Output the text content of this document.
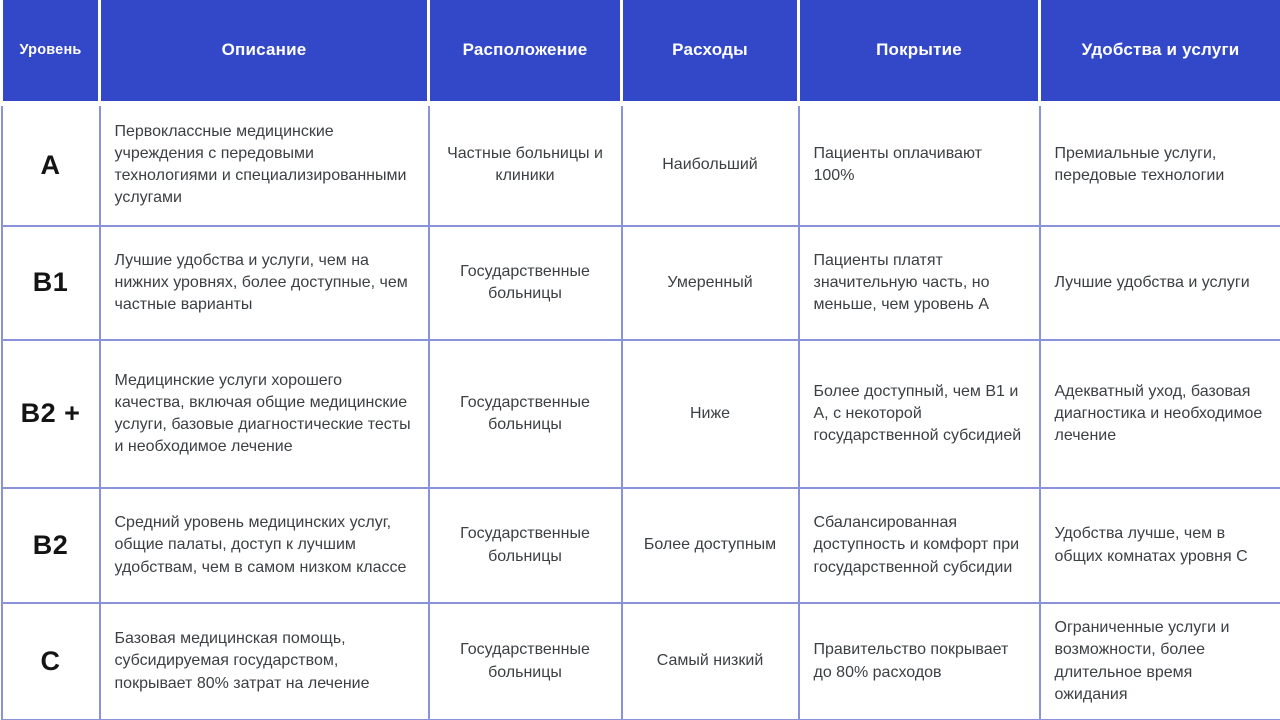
Уровень	Описание	Расположение	Расходы	Покрытие	Удобства и услуги
A	Первоклассные медицинские учреждения с передовыми технологиями и специализированными услугами	Частные больницы и клиники	Наибольший	Пациенты оплачивают 100%	Премиальные услуги, передовые технологии
B1	Лучшие удобства и услуги, чем на нижних уровнях, более доступные, чем частные варианты	Государственные больницы	Умеренный	Пациенты платят значительную часть, но меньше, чем уровень А	Лучшие удобства и услуги
B2 +	Медицинские услуги хорошего качества, включая общие медицинские услуги, базовые диагностические тесты и необходимое лечение	Государственные больницы	Ниже	Более доступный, чем B1 и A, с некоторой государственной субсидией	Адекватный уход, базовая диагностика и необходимое лечение
B2	Средний уровень медицинских услуг, общие палаты, доступ к лучшим удобствам, чем в самом низком классе	Государственные больницы	Более доступным	Сбалансированная доступность и комфорт при государственной субсидии	Удобства лучше, чем в общих комнатах уровня С
C	Базовая медицинская помощь, субсидируемая государством, покрывает 80% затрат на лечение	Государственные больницы	Самый низкий	Правительство покрывает до 80% расходов	Ограниченные услуги и возможности, более длительное время ожидания
